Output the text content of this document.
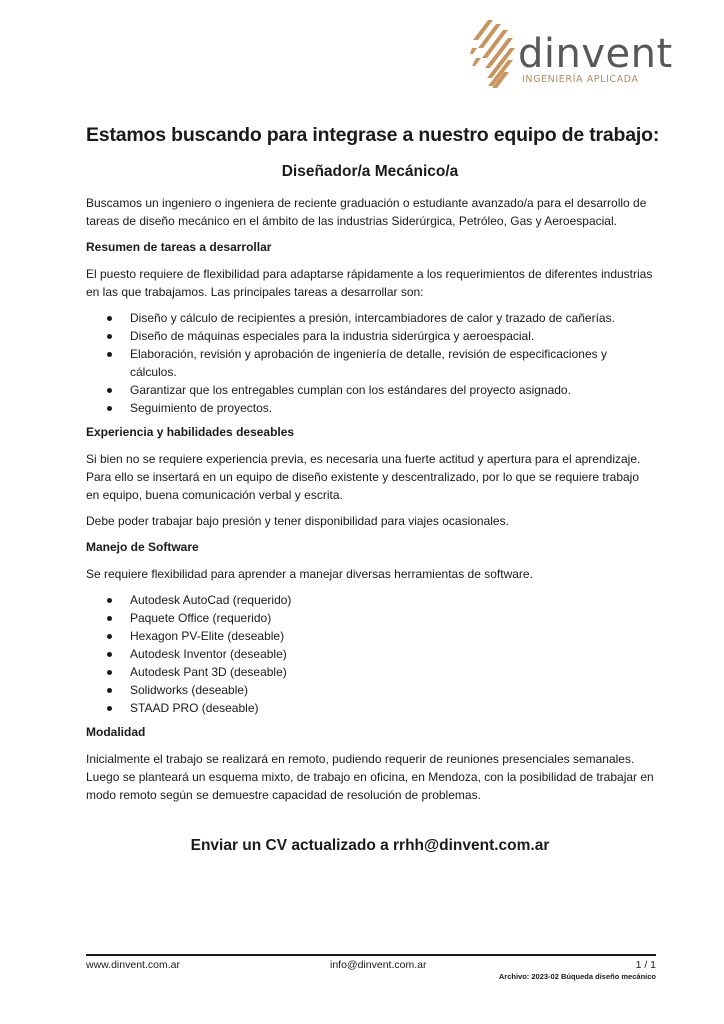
dinvent
INGENIERÍA APLICADA
Estamos buscando para integrase a nuestro equipo de trabajo:
Diseñador/a Mecánico/a

Buscamos un ingeniero o ingeniera de reciente graduación o estudiante avanzado/a para el desarrollo de tareas de diseño mecánico en el ámbito de las industrias Siderúrgica, Petróleo, Gas y Aeroespacial.

Resumen de tareas a desarrollar

El puesto requiere de flexibilidad para adaptarse rápidamente a los requerimientos de diferentes industrias en las que trabajamos. Las principales tareas a desarrollar son:

Diseño y cálculo de recipientes a presión, intercambiadores de calor y trazado de cañerías.
Diseño de máquinas especiales para la industria siderúrgica y aeroespacial.
Elaboración, revisión y aprobación de ingeniería de detalle, revisión de especificaciones y cálculos.
Garantizar que los entregables cumplan con los estándares del proyecto asignado.
Seguimiento de proyectos.
Experiencia y habilidades deseables

Si bien no se requiere experiencia previa, es necesaria una fuerte actitud y apertura para el aprendizaje. Para ello se insertará en un equipo de diseño existente y descentralizado, por lo que se requiere trabajo en equipo, buena comunicación verbal y escrita.

Debe poder trabajar bajo presión y tener disponibilidad para viajes ocasionales.

Manejo de Software

Se requiere flexibilidad para aprender a manejar diversas herramientas de software.

Autodesk AutoCad (requerido)
Paquete Office (requerido)
Hexagon PV-Elite (deseable)
Autodesk Inventor (deseable)
Autodesk Pant 3D (deseable)
Solidworks (deseable)
STAAD PRO (deseable)
Modalidad

Inicialmente el trabajo se realizará en remoto, pudiendo requerir de reuniones presenciales semanales. Luego se planteará un esquema mixto, de trabajo en oficina, en Mendoza, con la posibilidad de trabajar en modo remoto según se demuestre capacidad de resolución de problemas.

Enviar un CV actualizado a rrhh@dinvent.com.ar
www.dinvent.com.ar	info@dinvent.com.ar	1 / 1
Archivo: 2023-02 Búqueda diseño mecánico
